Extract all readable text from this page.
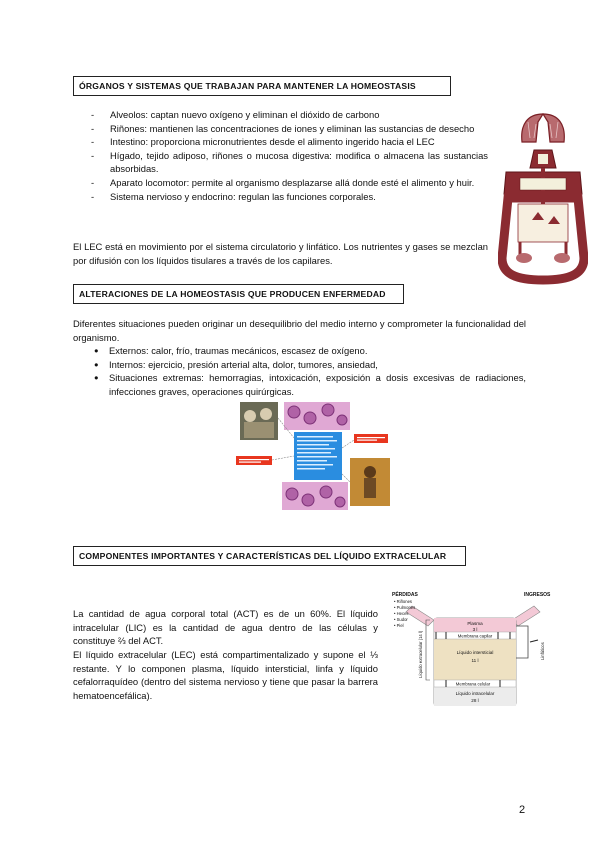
ÓRGANOS Y SISTEMAS QUE TRABAJAN PARA MANTENER LA HOMEOSTASIS
- Alveolos: captan nuevo oxígeno y eliminan el dióxido de carbono
- Riñones: mantienen las concentraciones de iones y eliminan las sustancias de desecho
- Intestino: proporciona micronutrientes desde el alimento ingerido hacia el LEC
- Hígado, tejido adiposo, riñones o mucosa digestiva: modifica o almacena las sustancias absorbidas.
- Aparato locomotor: permite al organismo desplazarse allá donde esté el alimento y huir.
- Sistema nervioso y endocrino: regulan las funciones corporales.
El LEC está en movimiento por el sistema circulatorio y linfático. Los nutrientes y gases se mezclan por difusión con los líquidos tisulares a través de los capilares.
ALTERACIONES DE LA HOMEOSTASIS QUE PRODUCEN ENFERMEDAD
Diferentes situaciones pueden originar un desequilibrio del medio interno y comprometer la funcionalidad del organismo.
● Externos: calor, frío, traumas mecánicos, escasez de oxígeno.
● Internos: ejercicio, presión arterial alta, dolor, tumores, ansiedad,
● Situaciones extremas: hemorragias, intoxicación, exposición a dosis excesivas de radiaciones, infecciones graves, operaciones quirúrgicas.
COMPONENTES IMPORTANTES Y CARACTERÍSTICAS DEL LÍQUIDO EXTRACELULAR
La cantidad de agua corporal total (ACT) es de un 60%. El líquido intracelular (LIC) es la cantidad de agua dentro de las células y constituye ⅔ del ACT.
El líquido extracelular (LEC) está compartimentalizado y supone el ⅓ restante. Y lo componen plasma, líquido intersticial, linfa y líquido cefalorraquídeo (dentro del sistema nervioso y tiene que pasar la barrera hematoencefálica).
PÉRDIDAS
• Riñones
• Pulmones
• Heces
• Sudor
• Piel
INGRESOS
Plasma
3 l
Membrana capilar
Líquido intersticial
11 l
Membrana celular
Líquido intracelular
28 l
Líquido extracelular (14 l)	Linfáticos
2
